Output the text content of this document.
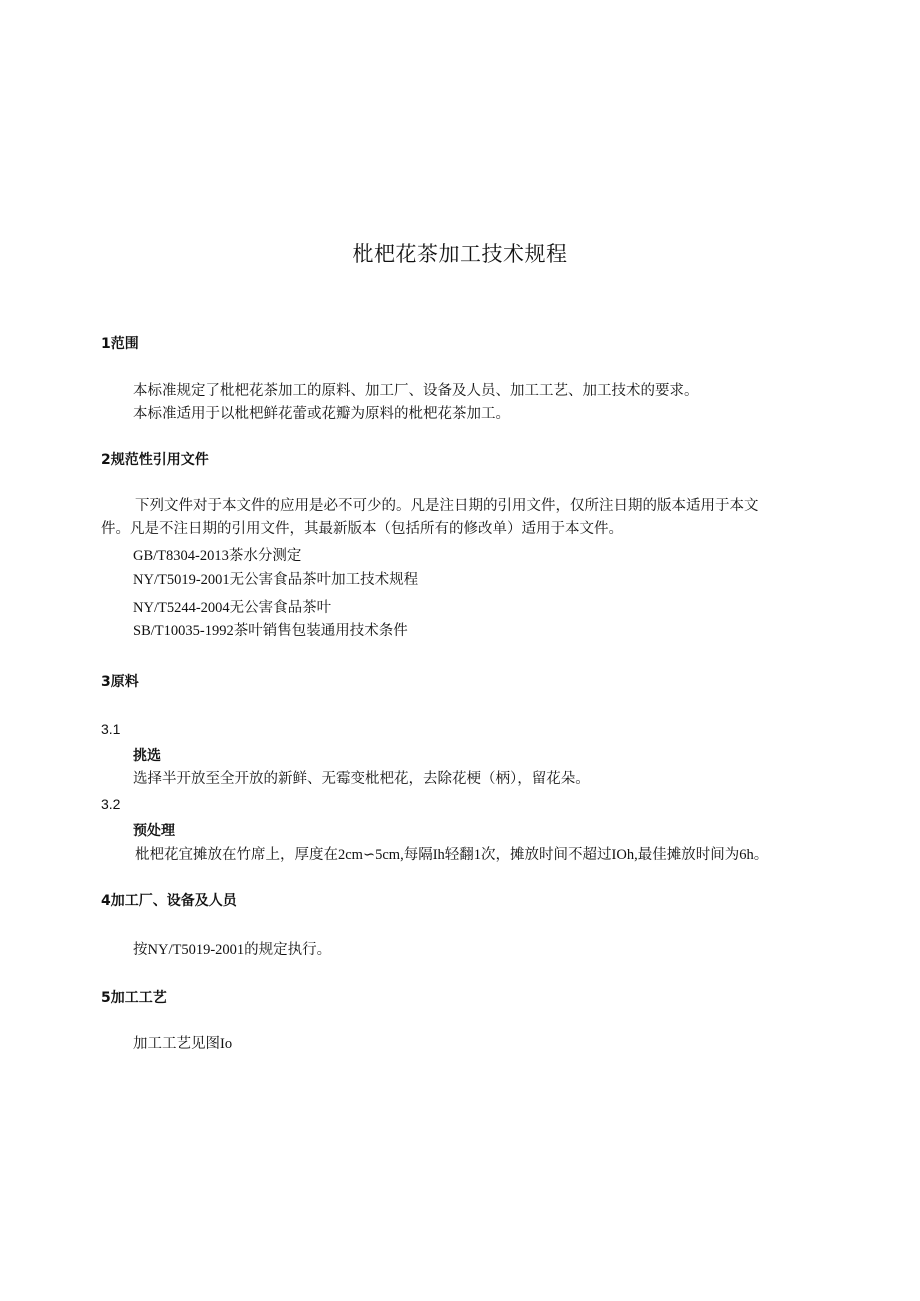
枇杷花茶加工技术规程
1范围
本标准规定了枇杷花茶加工的原料、加工厂、设备及人员、加工工艺、加工技术的要求。
本标准适用于以枇杷鲜花蕾或花瓣为原料的枇杷花茶加工。
2规范性引用文件
下列文件对于本文件的应用是必不可少的。凡是注日期的引用文件，仅所注日期的版本适用于本文
件。凡是不注日期的引用文件，其最新版本（包括所有的修改单）适用于本文件。
GB/T8304-2013茶水分测定
NY/T5019-2001无公害食品茶叶加工技术规程
NY/T5244-2004无公害食品茶叶
SB/T10035-1992茶叶销售包装通用技术条件
3原料
3.1
挑选
选择半开放至全开放的新鲜、无霉变枇杷花，去除花梗（柄），留花朵。
3.2
预处理
枇杷花宜摊放在竹席上，厚度在2cm∽5cm,每隔Ih轻翻1次，摊放时间不超过IOh,最佳摊放时间为6h。
4加工厂、设备及人员
按NY/T5019-2001的规定执行。
5加工工艺
加工工艺见图Io
